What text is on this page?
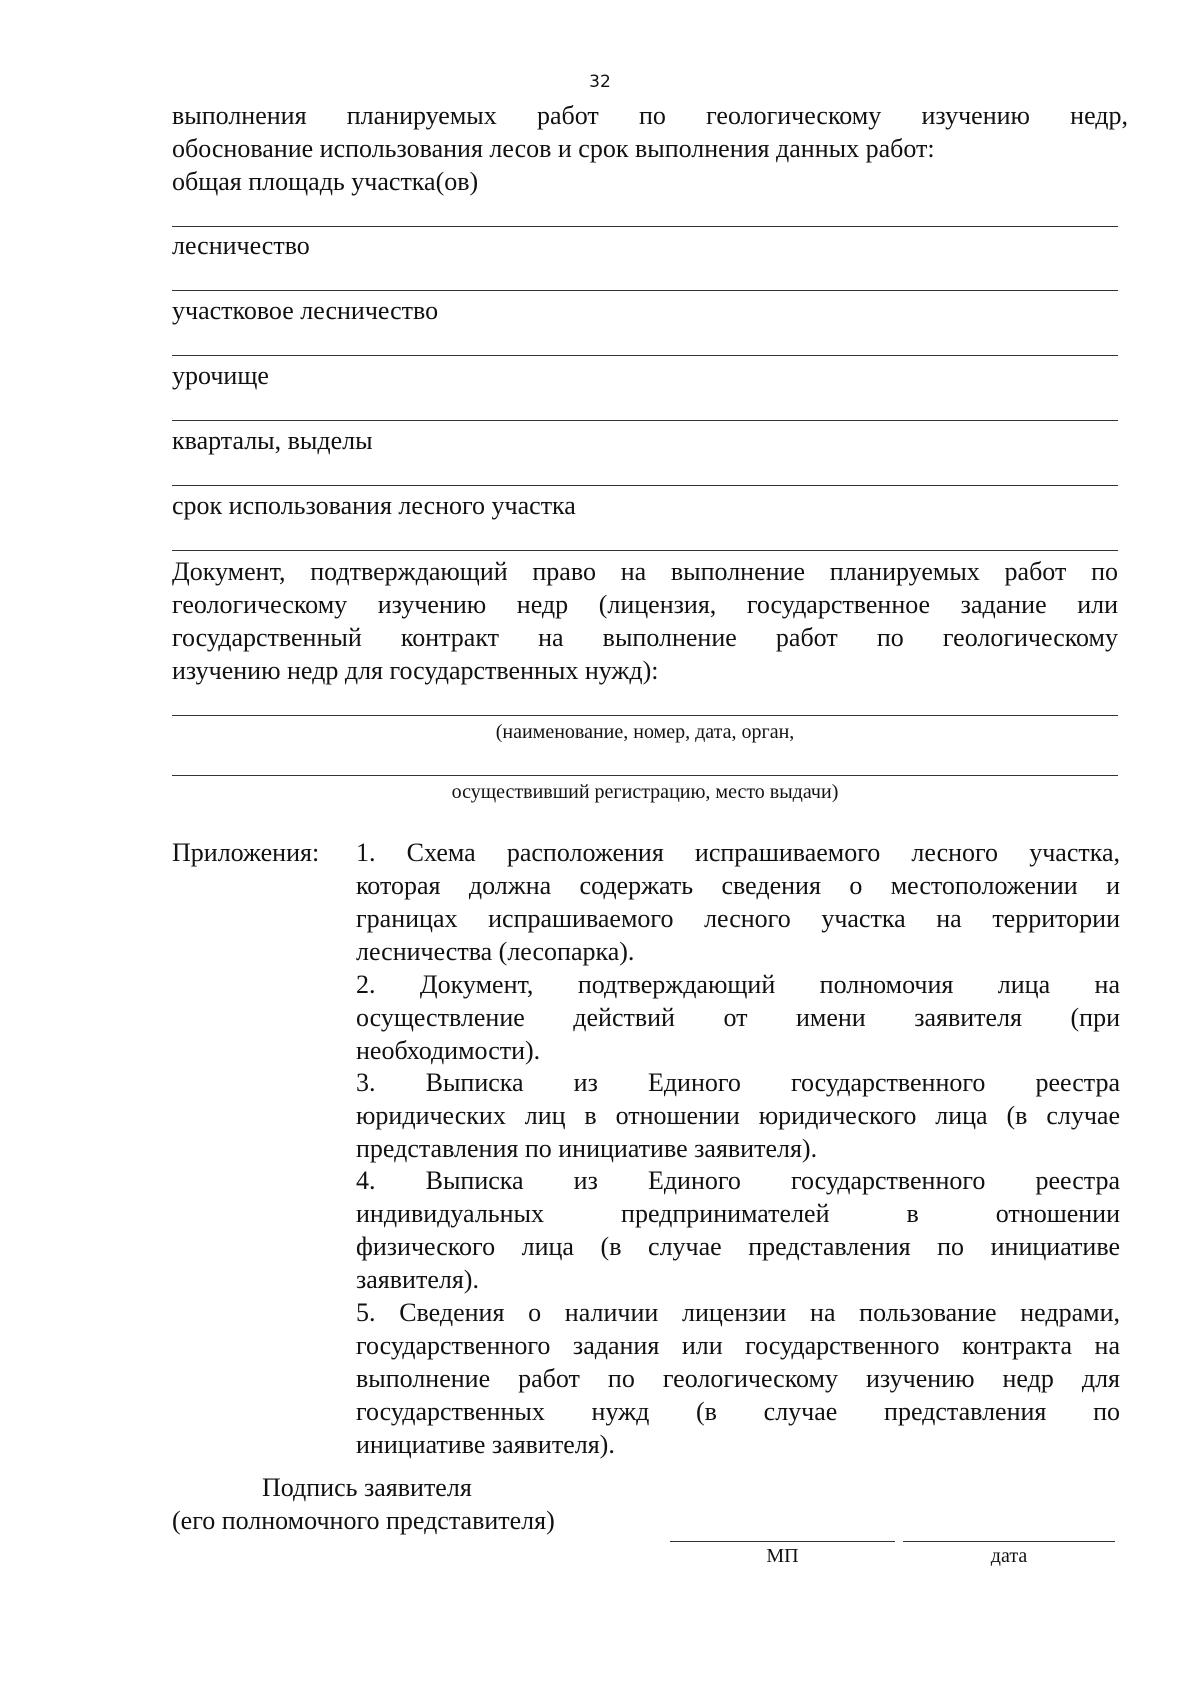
32

выполнения планируемых работ по геологическому изучению недр,

обоснование использования лесов и срок выполнения данных работ:

общая площадь участка(ов)

лесничество

участковое лесничество

урочище

кварталы, выделы

срок использования лесного участка

Документ, подтверждающий право на выполнение планируемых работ по

геологическому изучению недр (лицензия, государственное задание или

государственный контракт на выполнение работ по геологическому

изучению недр для государственных нужд):

(наименование, номер, дата, орган,
осуществивший регистрацию, место выдачи)
Приложения: 1. Схема расположения испрашиваемого лесного участка,
которая должна содержать сведения о местоположении и
границах испрашиваемого лесного участка на территории
лесничества (лесопарка).
2. Документ, подтверждающий полномочия лица на
осуществление действий от имени заявителя (при
необходимости).
3. Выписка из Единого государственного реестра
юридических лиц в отношении юридического лица (в случае
представления по инициативе заявителя).
4. Выписка из Единого государственного реестра
индивидуальных предпринимателей в отношении
физического лица (в случае представления по инициативе
заявителя).
5. Сведения о наличии лицензии на пользование недрами,
государственного задания или государственного контракта на
выполнение работ по геологическому изучению недр для
государственных нужд (в случае представления по
инициативе заявителя).
Подпись заявителя
(его полномочного представителя)
МП	дата
